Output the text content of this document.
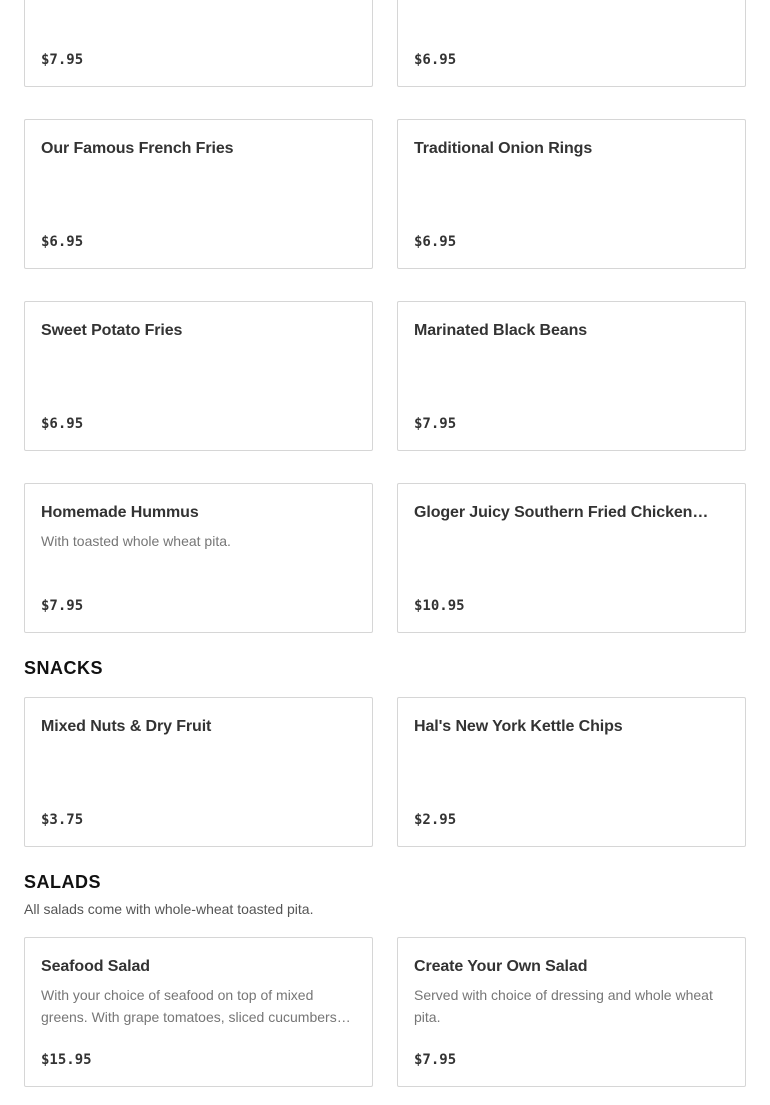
$7.95	$6.95
Our Famous French Fries
$6.95
Traditional Onion Rings
$6.95
Sweet Potato Fries
$6.95
Marinated Black Beans
$7.95
Homemade Hummus
With toasted whole wheat pita.
$7.95
Gloger Juicy Southern Fried Chicken…
$10.95
SNACKS
Mixed Nuts & Dry Fruit
$3.75
Hal's New York Kettle Chips
$2.95
SALADS
All salads come with whole-wheat toasted pita.
Seafood Salad
With your choice of seafood on top of mixed greens. With grape tomatoes, sliced cucumbers…
$15.95
Create Your Own Salad
Served with choice of dressing and whole wheat pita.
$7.95
